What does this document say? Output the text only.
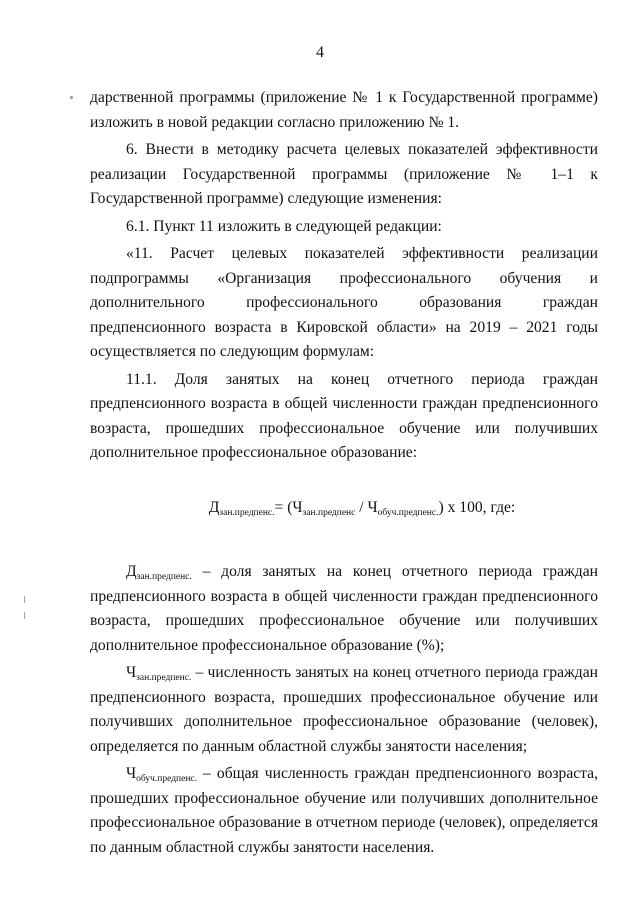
4

дарственной программы (приложение № 1 к Государственной программе) изложить в новой редакции согласно приложению № 1.

6. Внести в методику расчета целевых показателей эффективности реализации Государственной программы (приложение № 1–1 к Государственной программе) следующие изменения:

6.1. Пункт 11 изложить в следующей редакции:

«11. Расчет целевых показателей эффективности реализации подпрограммы «Организация профессионального обучения и дополнительного профессионального образования граждан предпенсионного возраста в Кировской области» на 2019 – 2021 годы осуществляется по следующим формулам:

11.1. Доля занятых на конец отчетного периода граждан предпенсионного возраста в общей численности граждан предпенсионного возраста, прошедших профессиональное обучение или получивших дополнительное профессиональное образование:

$Д_{зан.предпенс.}= (Ч_{зан.предпенс} / Ч_{обуч.предпенс.})$ х 100, где:

$Д_{зан.предпенс.}$ – доля занятых на конец отчетного периода граждан предпенсионного возраста в общей численности граждан предпенсионного возраста, прошедших профессиональное обучение или получивших дополнительное профессиональное образование (%);

$Ч_{зан.предпенс.}$ – численность занятых на конец отчетного периода граждан предпенсионного возраста, прошедших профессиональное обучение или получивших дополнительное профессиональное образование (человек), определяется по данным областной службы занятости населения;

$Ч_{обуч.предпенс.}$ – общая численность граждан предпенсионного возраста, прошедших профессиональное обучение или получивших дополнительное профессиональное образование в отчетном периоде (человек), определяется по данным областной службы занятости населения.
